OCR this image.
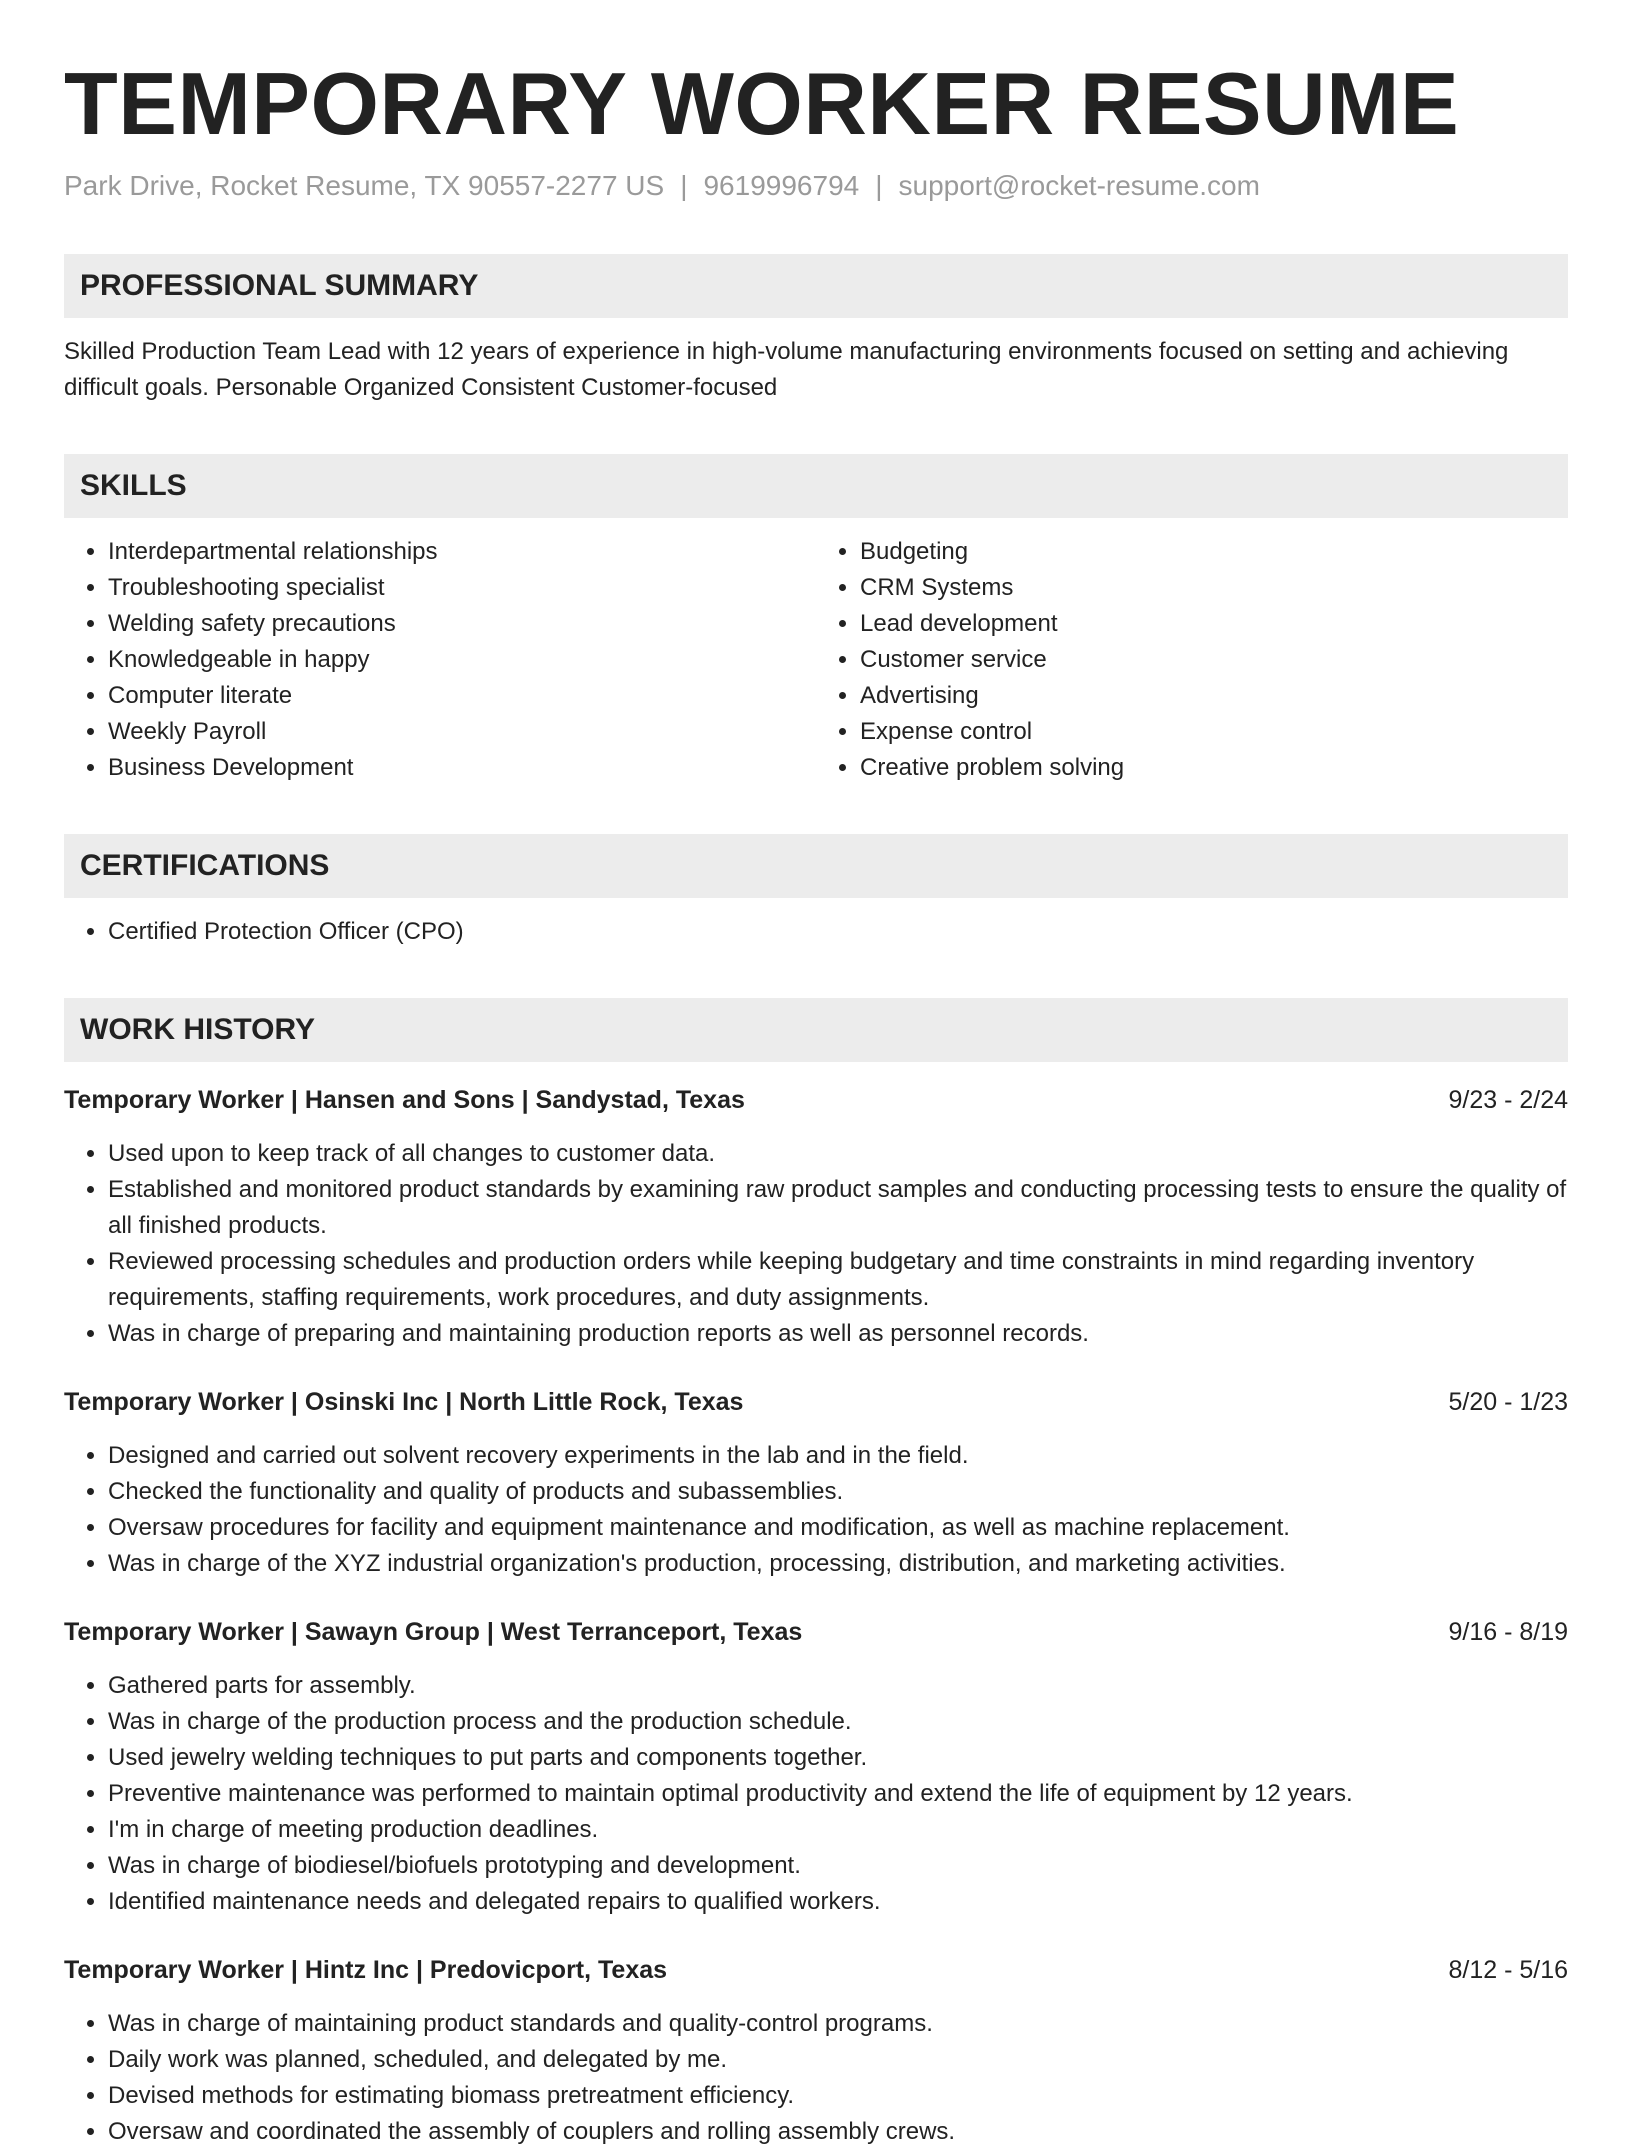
TEMPORARY WORKER RESUME
Park Drive, Rocket Resume, TX 90557-2277 US | 9619996794 | support@rocket-resume.com
PROFESSIONAL SUMMARY
Skilled Production Team Lead with 12 years of experience in high-volume manufacturing environments focused on setting and achieving difficult goals. Personable Organized Consistent Customer-focused
SKILLS
• Interdepartmental relationships
• Troubleshooting specialist
• Welding safety precautions
• Knowledgeable in happy
• Computer literate
• Weekly Payroll
• Business Development
• Budgeting
• CRM Systems
• Lead development
• Customer service
• Advertising
• Expense control
• Creative problem solving
CERTIFICATIONS
• Certified Protection Officer (CPO)
WORK HISTORY
Temporary Worker | Hansen and Sons | Sandystad, Texas	9/23 - 2/24
• Used upon to keep track of all changes to customer data.
• Established and monitored product standards by examining raw product samples and conducting processing tests to ensure the quality of all finished products.
• Reviewed processing schedules and production orders while keeping budgetary and time constraints in mind regarding inventory requirements, staffing requirements, work procedures, and duty assignments.
• Was in charge of preparing and maintaining production reports as well as personnel records.
Temporary Worker | Osinski Inc | North Little Rock, Texas	5/20 - 1/23
• Designed and carried out solvent recovery experiments in the lab and in the field.
• Checked the functionality and quality of products and subassemblies.
• Oversaw procedures for facility and equipment maintenance and modification, as well as machine replacement.
• Was in charge of the XYZ industrial organization's production, processing, distribution, and marketing activities.
Temporary Worker | Sawayn Group | West Terranceport, Texas	9/16 - 8/19
• Gathered parts for assembly.
• Was in charge of the production process and the production schedule.
• Used jewelry welding techniques to put parts and components together.
• Preventive maintenance was performed to maintain optimal productivity and extend the life of equipment by 12 years.
• I'm in charge of meeting production deadlines.
• Was in charge of biodiesel/biofuels prototyping and development.
• Identified maintenance needs and delegated repairs to qualified workers.
Temporary Worker | Hintz Inc | Predovicport, Texas	8/12 - 5/16
• Was in charge of maintaining product standards and quality-control programs.
• Daily work was planned, scheduled, and delegated by me.
• Devised methods for estimating biomass pretreatment efficiency.
• Oversaw and coordinated the assembly of couplers and rolling assembly crews.
